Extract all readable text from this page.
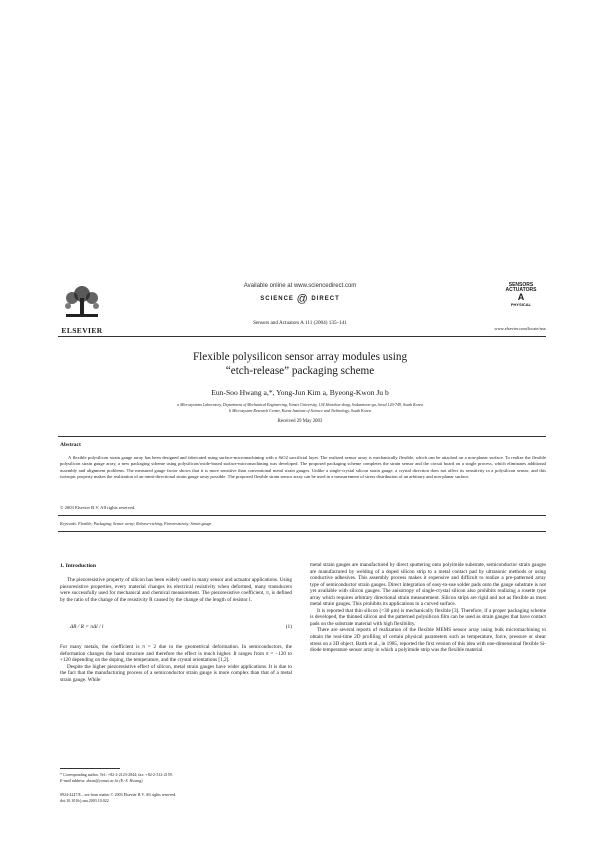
ELSEVIER
Available online at www.sciencedirect.com
SCIENCE @ DIRECT
Sensors and Actuators A 111 (2004) 135–141
SENSORS
ACTUATORS
A
PHYSICAL
www.elsevier.com/locate/sna
Flexible polysilicon sensor array modules using
“etch-release” packaging scheme
Eun-Soo Hwang a,*, Yong-Jun Kim a, Byeong-Kwon Ju b
a Microsystems Laboratory, Department of Mechanical Engineering, Yonsei University, 134 Shinchon-dong, Sodaemoon-gu, Seoul 120-749, South Korea
b Microsystem Research Center, Korea Institute of Science and Technology, South Korea
Received 29 May 2003
Abstract
A flexible polysilicon strain gauge array has been designed and fabricated using surface-micromachining with a SiO2 sacrificial layer. The realized sensor array is mechanically flexible, which can be attached on a non-planar surface. To realize the flexible polysilicon strain gauge array, a new packaging scheme using polysilicon/oxide-based surface-micromachining was developed. The proposed packaging scheme completes the strain sensor and the circuit board on a single process, which eliminates additional assembly and alignment problems. The measured gauge factor shows that it is more sensitive than conventional metal strain gauges. Unlike a single-crystal silicon strain gauge, a crystal direction does not affect its sensitivity in a polysilicon sensor, and this isotropic property makes the realization of an omni-directional strain gauge array possible. The proposed flexible strain sensor array can be used in a measurement of stress distribution of an arbitrary and non-planar surface.
© 2003 Elsevier B.V. All rights reserved.
Keywords: Flexible; Packaging; Sensor array; Release-etching; Piezoresistivity; Strain gauge
1. Introduction

The piezoresistive property of silicon has been widely used in many sensor and actuator applications. Using piezoresistive properties, every material changes its electrical resistivity when deformed, many transducers were successfully used for mechanical and chemical measurement. The piezoresistive coefficient, π, is defined by the ratio of the change of the resistivity R caused by the change of the length of resistor l.

ΔR / R = πΔl / l	(1)

For many metals, the coefficient is π = 2 due to the geometrical deformation. In semiconductors, the deformation changes the band structure and therefore the effect is much higher. It ranges from π = −120 to +120 depending on the doping, the temperature, and the crystal orientations [1,2].

Despite the higher piezoresistive effect of silicon, metal strain gauges have wider applications. It is due to the fact that the manufacturing process of a semiconductor strain gauge is more complex than that of a metal strain gauge. While

* Corresponding author. Tel.: +82-2-2123-2844; fax: +82-2-312-2159.
E-mail address: ducat@yonsei.ac.kr (E.-S. Hwang).
0924-4247/$ – see front matter © 2003 Elsevier B.V. All rights reserved.
doi:10.1016/j.sna.2003.10.022

metal strain gauges are manufactured by direct sputtering onto polyimide substrate, semiconductor strain gauges are manufactured by welding of a doped silicon strip to a metal contact pad by ultrasonic methods or using conductive adhesives. This assembly process makes it expensive and difficult to realize a pre-patterned array type of semiconductor strain gauges. Direct integration of easy-to-use solder pads onto the gauge substrate is not yet available with silicon gauges. The anisotropy of single-crystal silicon also prohibits realizing a rosette type array which requires arbitrary directional strain measurement. Silicon strips are rigid and not as flexible as most metal strain gauges. This prohibits its applications to a curved surface.

It is reported that thin silicon (<30 μm) is mechanically flexible [3]. Therefore, if a proper packaging scheme is developed, the thinned silicon and the patterned polysilicon film can be used as strain gauges that have contact pads on the substrate material with high flexibility.

There are several reports of realization of the flexible MEMS sensor array using bulk micromachining to obtain the real-time 2D profiling of certain physical parameters such as temperature, force, pressure or shear stress on a 3D object. Barth et al., in 1985, reported the first version of this idea with one-dimensional flexible Si-diode temperature sensor array in which a polyimide strip was the flexible material
